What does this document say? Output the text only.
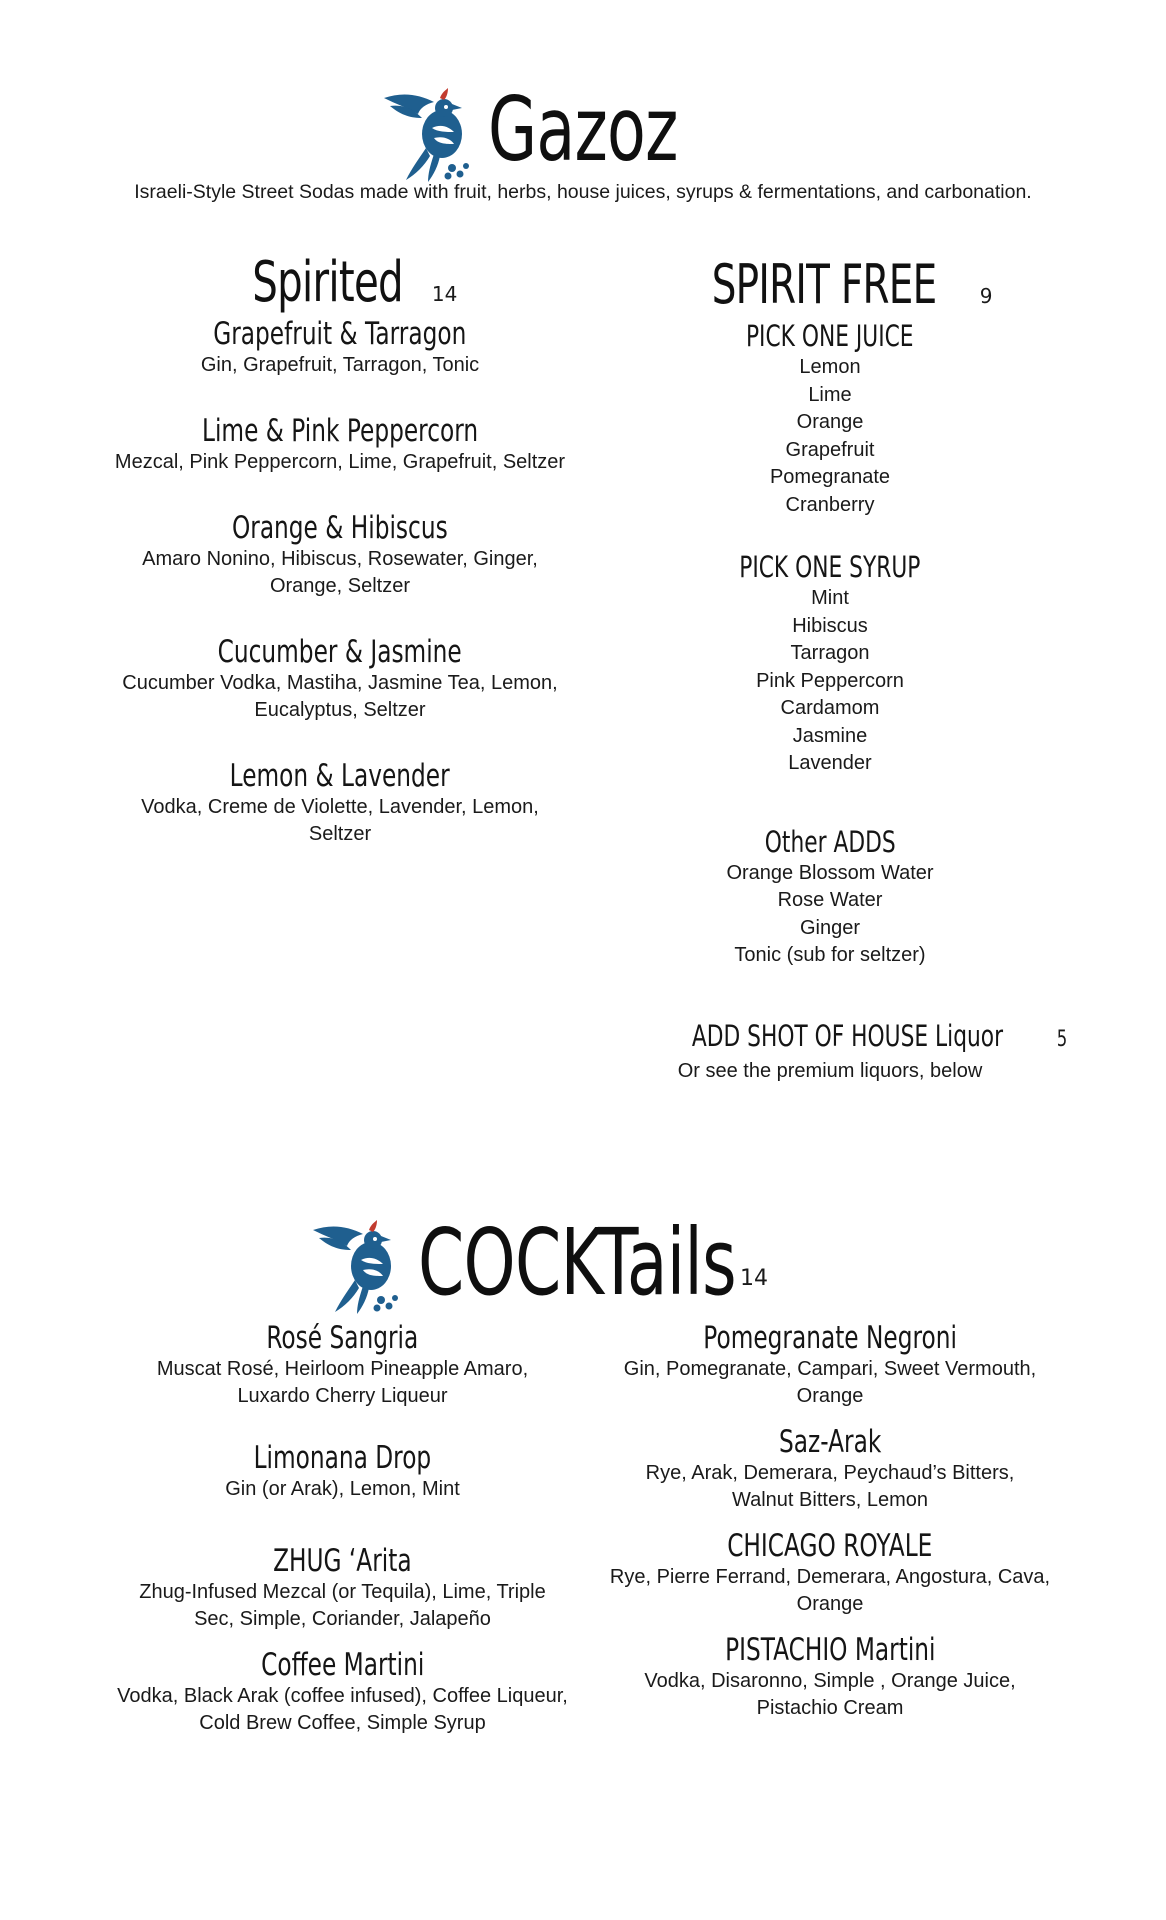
Gazoz
Israeli-Style Street Sodas made with fruit, herbs, house juices, syrups & fermentations, and carbonation.
Spirited 14
Grapefruit & Tarragon
Gin, Grapefruit, Tarragon, Tonic
Lime & Pink Peppercorn
Mezcal, Pink Peppercorn, Lime, Grapefruit, Seltzer
Orange & Hibiscus
Amaro Nonino, Hibiscus, Rosewater, Ginger, Orange, Seltzer
Cucumber & Jasmine
Cucumber Vodka, Mastiha, Jasmine Tea, Lemon, Eucalyptus, Seltzer
Lemon & Lavender
Vodka, Creme de Violette, Lavender, Lemon, Seltzer
SPIRIT FREE 9
PICK ONE JUICE
Lemon
Lime
Orange
Grapefruit
Pomegranate
Cranberry
PICK ONE SYRUP
Mint
Hibiscus
Tarragon
Pink Peppercorn
Cardamom
Jasmine
Lavender
Other ADDS
Orange Blossom Water
Rose Water
Ginger
Tonic (sub for seltzer)
ADD SHOT OF HOUSE Liquor 5
Or see the premium liquors, below
COCKTails 14
Rosé Sangria
Muscat Rosé, Heirloom Pineapple Amaro, Luxardo Cherry Liqueur
Limonana Drop
Gin (or Arak), Lemon, Mint
ZHUG ‘Arita
Zhug-Infused Mezcal (or Tequila), Lime, Triple Sec, Simple, Coriander, Jalapeño
Coffee Martini
Vodka, Black Arak (coffee infused), Coffee Liqueur, Cold Brew Coffee, Simple Syrup
Pomegranate Negroni
Gin, Pomegranate, Campari, Sweet Vermouth, Orange
Saz-Arak
Rye, Arak, Demerara, Peychaud’s Bitters, Walnut Bitters, Lemon
CHICAGO ROYALE
Rye, Pierre Ferrand, Demerara, Angostura, Cava, Orange
PISTACHIO Martini
Vodka, Disaronno, Simple , Orange Juice, Pistachio Cream
